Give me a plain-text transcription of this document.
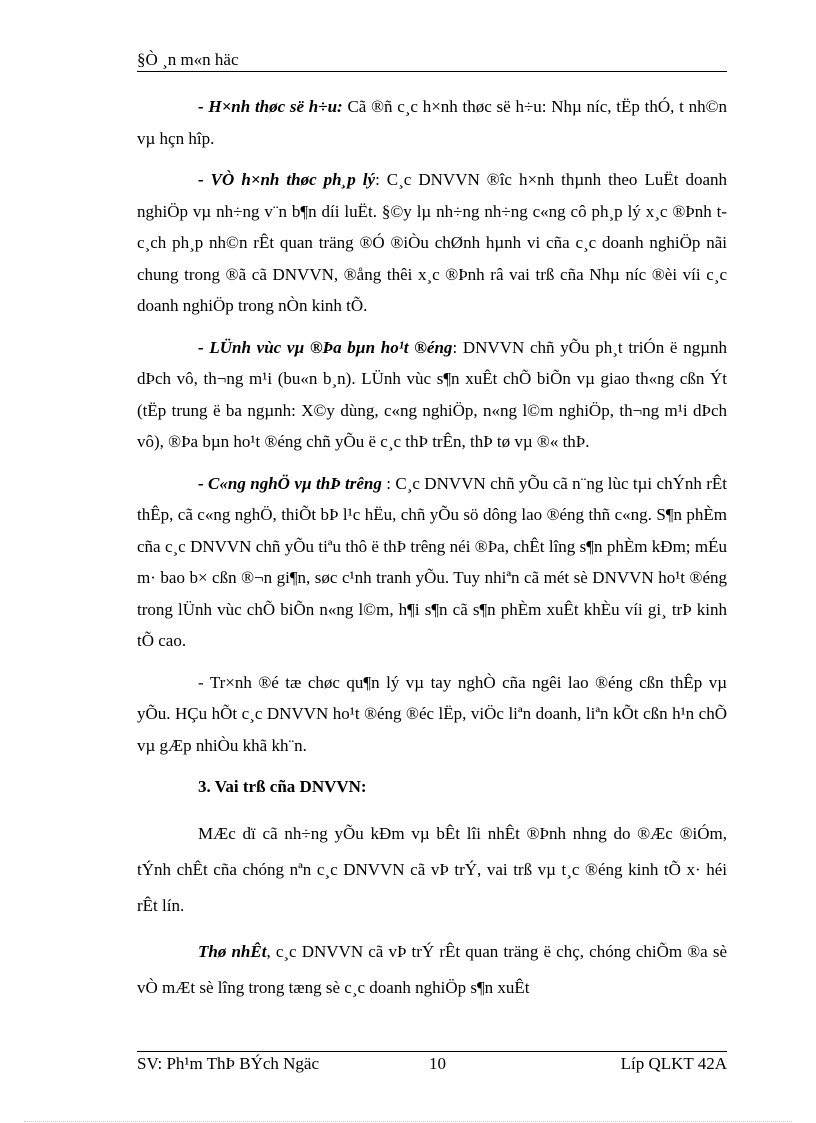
§Ò ¸n m«n häc

- H×nh thøc së h÷u: Cã ®ñ c¸c h×nh thøc së h÷u: Nhµ níc, tËp thÓ, t nh©n vµ hçn hîp.

- VÒ h×nh thøc ph¸p lý: C¸c DNVVN ®îc h×nh thµnh theo LuËt doanh nghiÖp vµ nh÷ng v¨n b¶n díi luËt. §©y lµ nh÷ng nh÷ng c«ng cô ph¸p lý x¸c ®Þnh t c¸ch ph¸p nh©n rÊt quan träng ®Ó ®iÒu chØnh hµnh vi cña c¸c doanh nghiÖp nãi chung trong ®ã cã DNVVN, ®ång thêi x¸c ®Þnh râ vai trß cña Nhµ níc ®èi víi c¸c doanh nghiÖp trong nÒn kinh tÕ.

- LÜnh vùc vµ ®Þa bµn ho¹t ®éng: DNVVN chñ yÕu ph¸t triÓn ë ngµnh dÞch vô, th¬ng m¹i (bu«n b¸n). LÜnh vùc s¶n xuÊt chÕ biÕn vµ giao th«ng cßn Ýt (tËp trung ë ba ngµnh: X©y dùng, c«ng nghiÖp, n«ng l©m nghiÖp, th¬ng m¹i dÞch vô), ®Þa bµn ho¹t ®éng chñ yÕu ë c¸c thÞ trÊn, thÞ tø vµ ®« thÞ.

- C«ng nghÖ vµ thÞ trêng : C¸c DNVVN chñ yÕu cã n¨ng lùc tµi chÝnh rÊt thÊp, cã c«ng nghÖ, thiÕt bÞ l¹c hËu, chñ yÕu sö dông lao ®éng thñ c«ng. S¶n phÈm cña c¸c DNVVN chñ yÕu tiªu thô ë thÞ trêng néi ®Þa, chÊt lîng s¶n phÈm kÐm; mÉu m· bao b× cßn ®¬n gi¶n, søc c¹nh tranh yÕu. Tuy nhiªn cã mét sè DNVVN ho¹t ®éng trong lÜnh vùc chÕ biÕn n«ng l©m, h¶i s¶n cã s¶n phÈm xuÊt khÈu víi gi¸ trÞ kinh tÕ cao.

- Tr×nh ®é tæ chøc qu¶n lý vµ tay nghÒ cña ngêi lao ®éng cßn thÊp vµ yÕu. HÇu hÕt c¸c DNVVN ho¹t ®éng ®éc lËp, viÖc liªn doanh, liªn kÕt cßn h¹n chÕ vµ gÆp nhiÒu khã kh¨n.

3. Vai trß cña DNVVN:

MÆc dï cã nh÷ng yÕu kÐm vµ bÊt lîi nhÊt ®Þnh nhng do ®Æc ®iÓm, tÝnh chÊt cña chóng nªn c¸c DNVVN cã vÞ trÝ, vai trß vµ t¸c ®éng kinh tÕ x· héi rÊt lín.

Thø nhÊt, c¸c DNVVN cã vÞ trÝ rÊt quan träng ë chç, chóng chiÕm ®a sè vÒ mÆt sè lîng trong tæng sè c¸c doanh nghiÖp s¶n xuÊt

SV: Ph¹m ThÞ BÝch Ngäc	10	Líp QLKT 42A
